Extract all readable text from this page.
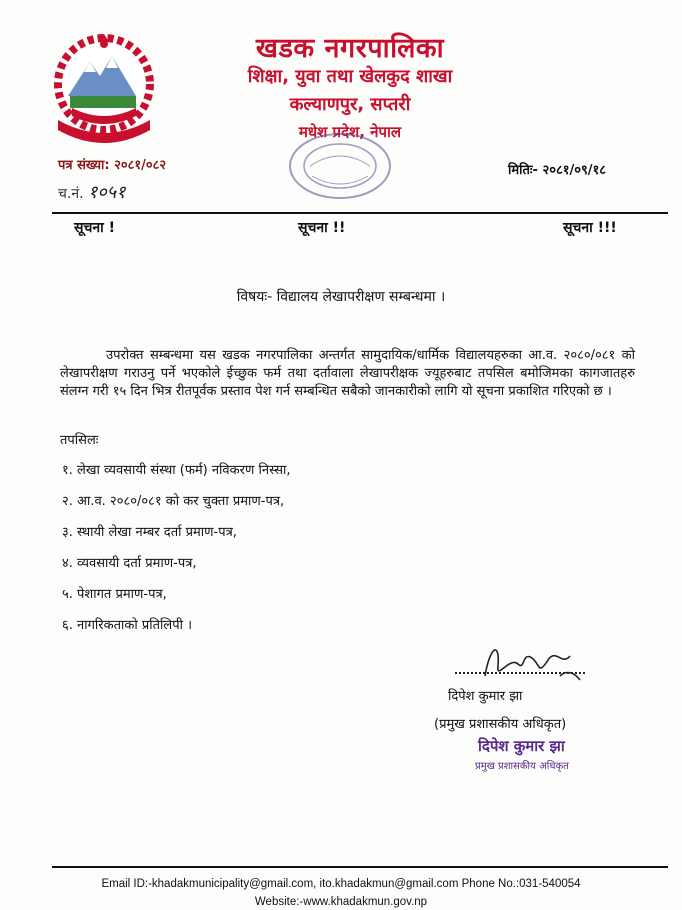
खडक नगरपालिका
शिक्षा, युवा तथा खेलकुद शाखा
कल्याणपुर, सप्तरी
मधेश प्रदेश, नेपाल
पत्र संख्या: २०८१/०८२
च.नं. १०५१
मितिः- २०८१/०९/१८
सूचना !	सूचना !!	सूचना !!!
विषयः- विद्यालय लेखापरीक्षण सम्बन्धमा ।
उपरोक्त सम्बन्धमा यस खडक नगरपालिका अन्तर्गत सामुदायिक/धार्मिक विद्यालयहरुका आ.व. २०८०/०८१ को लेखापरीक्षण गराउनु पर्ने भएकोले ईच्छुक फर्म तथा दर्तावाला लेखापरीक्षक ज्यूहरुबाट तपसिल बमोजिमका कागजातहरु संलग्न गरी १५ दिन भित्र रीतपूर्वक प्रस्ताव पेश गर्न सम्बन्धित सबैको जानकारीको लागि यो सूचना प्रकाशित गरिएको छ ।
तपसिलः
१. लेखा व्यवसायी संस्था (फर्म) नविकरण निस्सा,
२. आ.व. २०८०/०८१ को कर चुक्ता प्रमाण-पत्र,
३. स्थायी लेखा नम्बर दर्ता प्रमाण-पत्र,
४. व्यवसायी दर्ता प्रमाण-पत्र,
५. पेशागत प्रमाण-पत्र,
६. नागरिकताको प्रतिलिपी ।
दिपेश कुमार झा
(प्रमुख प्रशासकीय अधिकृत)
दिपेश कुमार झा
प्रमुख प्रशासकीय अधिकृत
Email ID:-khadakmunicipality@gmail.com, ito.khadakmun@gmail.com Phone No.:031-540054
Website:-www.khadakmun.gov.np
